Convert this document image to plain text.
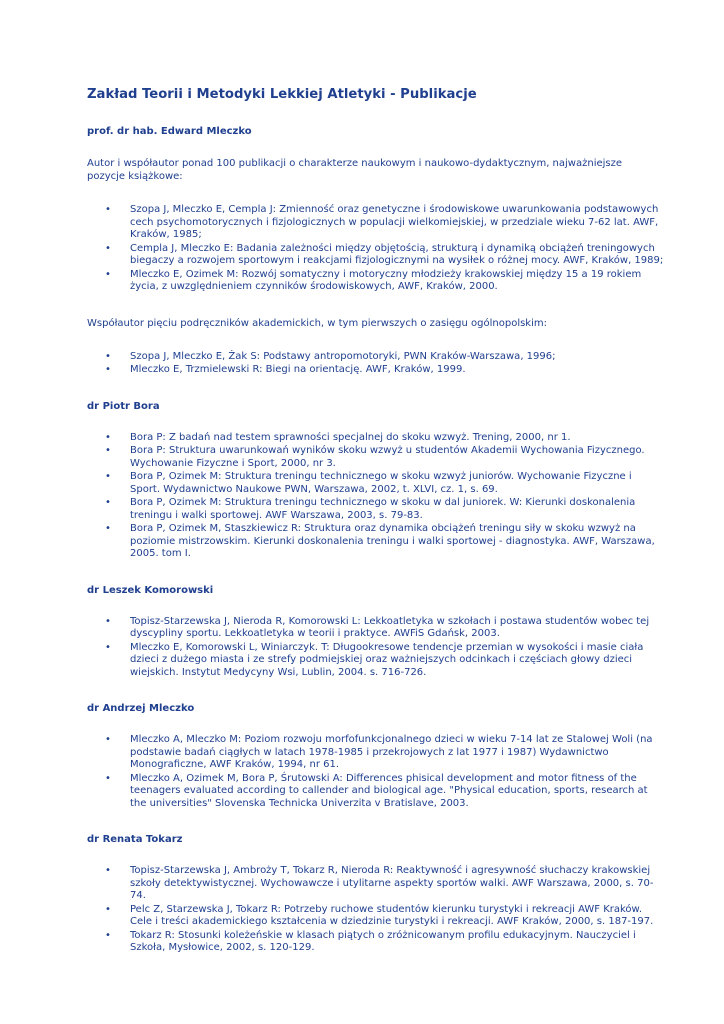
Zakład Teorii i Metodyki Lekkiej Atletyki - Publikacje
prof. dr hab. Edward Mleczko

Autor i współautor ponad 100 publikacji o charakterze naukowym i naukowo-dydaktycznym, najważniejsze pozycje książkowe:

• Szopa J, Mleczko E, Cempla J: Zmienność oraz genetyczne i środowiskowe uwarunkowania podstawowych cech psychomotorycznych i fizjologicznych w populacji wielkomiejskiej, w przedziale wieku 7-62 lat. AWF, Kraków, 1985;
• Cempla J, Mleczko E: Badania zależności między objętością, strukturą i dynamiką obciążeń treningowych biegaczy a rozwojem sportowym i reakcjami fizjologicznymi na wysiłek o różnej mocy. AWF, Kraków, 1989;
• Mleczko E, Ozimek M: Rozwój somatyczny i motoryczny młodzieży krakowskiej między 15 a 19 rokiem życia, z uwzględnieniem czynników środowiskowych, AWF, Kraków, 2000.

Współautor pięciu podręczników akademickich, w tym pierwszych o zasięgu ogólnopolskim:

• Szopa J, Mleczko E, Żak S: Podstawy antropomotoryki, PWN Kraków-Warszawa, 1996;
• Mleczko E, Trzmielewski R: Biegi na orientację. AWF, Kraków, 1999.
dr Piotr Bora
• Bora P: Z badań nad testem sprawności specjalnej do skoku wzwyż. Trening, 2000, nr 1.
• Bora P: Struktura uwarunkowań wyników skoku wzwyż u studentów Akademii Wychowania Fizycznego. Wychowanie Fizyczne i Sport, 2000, nr 3.
• Bora P, Ozimek M: Struktura treningu technicznego w skoku wzwyż juniorów. Wychowanie Fizyczne i Sport. Wydawnictwo Naukowe PWN, Warszawa, 2002, t. XLVI, cz. 1, s. 69.
• Bora P, Ozimek M: Struktura treningu technicznego w skoku w dal juniorek. W: Kierunki doskonalenia treningu i walki sportowej. AWF Warszawa, 2003, s. 79-83.
• Bora P, Ozimek M, Staszkiewicz R: Struktura oraz dynamika obciążeń treningu siły w skoku wzwyż na poziomie mistrzowskim. Kierunki doskonalenia treningu i walki sportowej - diagnostyka. AWF, Warszawa, 2005. tom I.
dr Leszek Komorowski
• Topisz-Starzewska J, Nieroda R, Komorowski L: Lekkoatletyka w szkołach i postawa studentów wobec tej dyscypliny sportu. Lekkoatletyka w teorii i praktyce. AWFiS Gdańsk, 2003.
• Mleczko E, Komorowski L, Winiarczyk. T: Długookresowe tendencje przemian w wysokości i masie ciała dzieci z dużego miasta i ze strefy podmiejskiej oraz ważniejszych odcinkach i częściach głowy dzieci wiejskich. Instytut Medycyny Wsi, Lublin, 2004. s. 716-726.
dr Andrzej Mleczko
• Mleczko A, Mleczko M: Poziom rozwoju morfofunkcjonalnego dzieci w wieku 7-14 lat ze Stalowej Woli (na podstawie badań ciągłych w latach 1978-1985 i przekrojowych z lat 1977 i 1987) Wydawnictwo Monograficzne, AWF Kraków, 1994, nr 61.
• Mleczko A, Ozimek M, Bora P, Śrutowski A: Differences phisical development and motor fitness of the teenagers evaluated according to callender and biological age. "Physical education, sports, research at the universities" Slovenska Technicka Univerzita v Bratislave, 2003.
dr Renata Tokarz
• Topisz-Starzewska J, Ambroży T, Tokarz R, Nieroda R: Reaktywność i agresywność słuchaczy krakowskiej szkoły detektywistycznej. Wychowawcze i utylitarne aspekty sportów walki. AWF Warszawa, 2000, s. 70-74.
• Pelc Z, Starzewska J, Tokarz R: Potrzeby ruchowe studentów kierunku turystyki i rekreacji AWF Kraków. Cele i treści akademickiego kształcenia w dziedzinie turystyki i rekreacji. AWF Kraków, 2000, s. 187-197.
• Tokarz R: Stosunki koleżeńskie w klasach piątych o zróżnicowanym profilu edukacyjnym. Nauczyciel i Szkoła, Mysłowice, 2002, s. 120-129.
